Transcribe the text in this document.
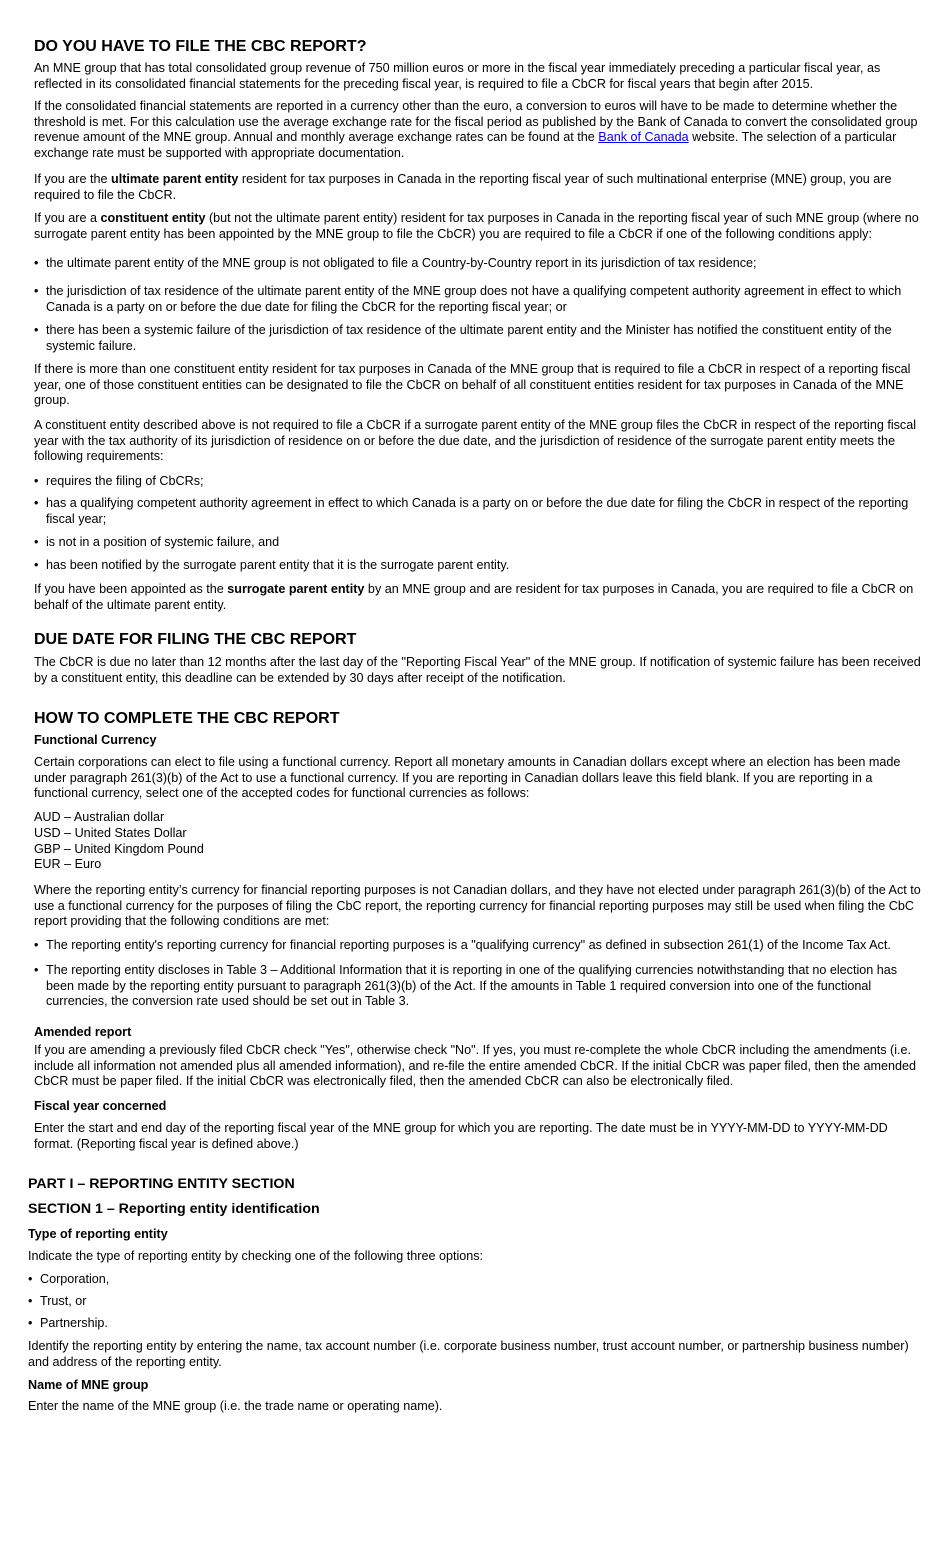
DO YOU HAVE TO FILE THE CBC REPORT?

An MNE group that has total consolidated group revenue of 750 million euros or more in the fiscal year immediately preceding a particular fiscal year, as reflected in its consolidated financial statements for the preceding fiscal year, is required to file a CbCR for fiscal years that begin after 2015.

If the consolidated financial statements are reported in a currency other than the euro, a conversion to euros will have to be made to determine whether the threshold is met. For this calculation use the average exchange rate for the fiscal period as published by the Bank of Canada to convert the consolidated group revenue amount of the MNE group. Annual and monthly average exchange rates can be found at the Bank of Canada website. The selection of a particular exchange rate must be supported with appropriate documentation.

If you are the ultimate parent entity resident for tax purposes in Canada in the reporting fiscal year of such multinational enterprise (MNE) group, you are required to file the CbCR.

If you are a constituent entity (but not the ultimate parent entity) resident for tax purposes in Canada in the reporting fiscal year of such MNE group (where no surrogate parent entity has been appointed by the MNE group to file the CbCR) you are required to file a CbCR if one of the following conditions apply:

• the ultimate parent entity of the MNE group is not obligated to file a Country-by-Country report in its jurisdiction of tax residence;
• the jurisdiction of tax residence of the ultimate parent entity of the MNE group does not have a qualifying competent authority agreement in effect to which Canada is a party on or before the due date for filing the CbCR for the reporting fiscal year; or
• there has been a systemic failure of the jurisdiction of tax residence of the ultimate parent entity and the Minister has notified the constituent entity of the systemic failure.

If there is more than one constituent entity resident for tax purposes in Canada of the MNE group that is required to file a CbCR in respect of a reporting fiscal year, one of those constituent entities can be designated to file the CbCR on behalf of all constituent entities resident for tax purposes in Canada of the MNE group.

A constituent entity described above is not required to file a CbCR if a surrogate parent entity of the MNE group files the CbCR in respect of the reporting fiscal year with the tax authority of its jurisdiction of residence on or before the due date, and the jurisdiction of residence of the surrogate parent entity meets the following requirements:

• requires the filing of CbCRs;
• has a qualifying competent authority agreement in effect to which Canada is a party on or before the due date for filing the CbCR in respect of the reporting fiscal year;
• is not in a position of systemic failure, and
• has been notified by the surrogate parent entity that it is the surrogate parent entity.

If you have been appointed as the surrogate parent entity by an MNE group and are resident for tax purposes in Canada, you are required to file a CbCR on behalf of the ultimate parent entity.

DUE DATE FOR FILING THE CBC REPORT

The CbCR is due no later than 12 months after the last day of the "Reporting Fiscal Year" of the MNE group. If notification of systemic failure has been received by a constituent entity, this deadline can be extended by 30 days after receipt of the notification.

HOW TO COMPLETE THE CBC REPORT

Functional Currency

Certain corporations can elect to file using a functional currency. Report all monetary amounts in Canadian dollars except where an election has been made under paragraph 261(3)(b) of the Act to use a functional currency. If you are reporting in Canadian dollars leave this field blank. If you are reporting in a functional currency, select one of the accepted codes for functional currencies as follows:

AUD – Australian dollar

USD – United States Dollar

GBP – United Kingdom Pound

EUR – Euro

Where the reporting entity’s currency for financial reporting purposes is not Canadian dollars, and they have not elected under paragraph 261(3)(b) of the Act to use a functional currency for the purposes of filing the CbC report, the reporting currency for financial reporting purposes may still be used when filing the CbC report providing that the following conditions are met:

• The reporting entity's reporting currency for financial reporting purposes is a "qualifying currency" as defined in subsection 261(1) of the Income Tax Act.
• The reporting entity discloses in Table 3 – Additional Information that it is reporting in one of the qualifying currencies notwithstanding that no election has been made by the reporting entity pursuant to paragraph 261(3)(b) of the Act. If the amounts in Table 1 required conversion into one of the functional currencies, the conversion rate used should be set out in Table 3.

Amended report

If you are amending a previously filed CbCR check "Yes", otherwise check "No". If yes, you must re-complete the whole CbCR including the amendments (i.e. include all information not amended plus all amended information), and re-file the entire amended CbCR. If the initial CbCR was paper filed, then the amended CbCR must be paper filed. If the initial CbCR was electronically filed, then the amended CbCR can also be electronically filed.

Fiscal year concerned

Enter the start and end day of the reporting fiscal year of the MNE group for which you are reporting. The date must be in YYYY-MM-DD to YYYY-MM-DD format. (Reporting fiscal year is defined above.)

PART I – REPORTING ENTITY SECTION
SECTION 1 – Reporting entity identification

Type of reporting entity

Indicate the type of reporting entity by checking one of the following three options:

• Corporation,
• Trust, or
• Partnership.

Identify the reporting entity by entering the name, tax account number (i.e. corporate business number, trust account number, or partnership business number) and address of the reporting entity.

Name of MNE group

Enter the name of the MNE group (i.e. the trade name or operating name).
